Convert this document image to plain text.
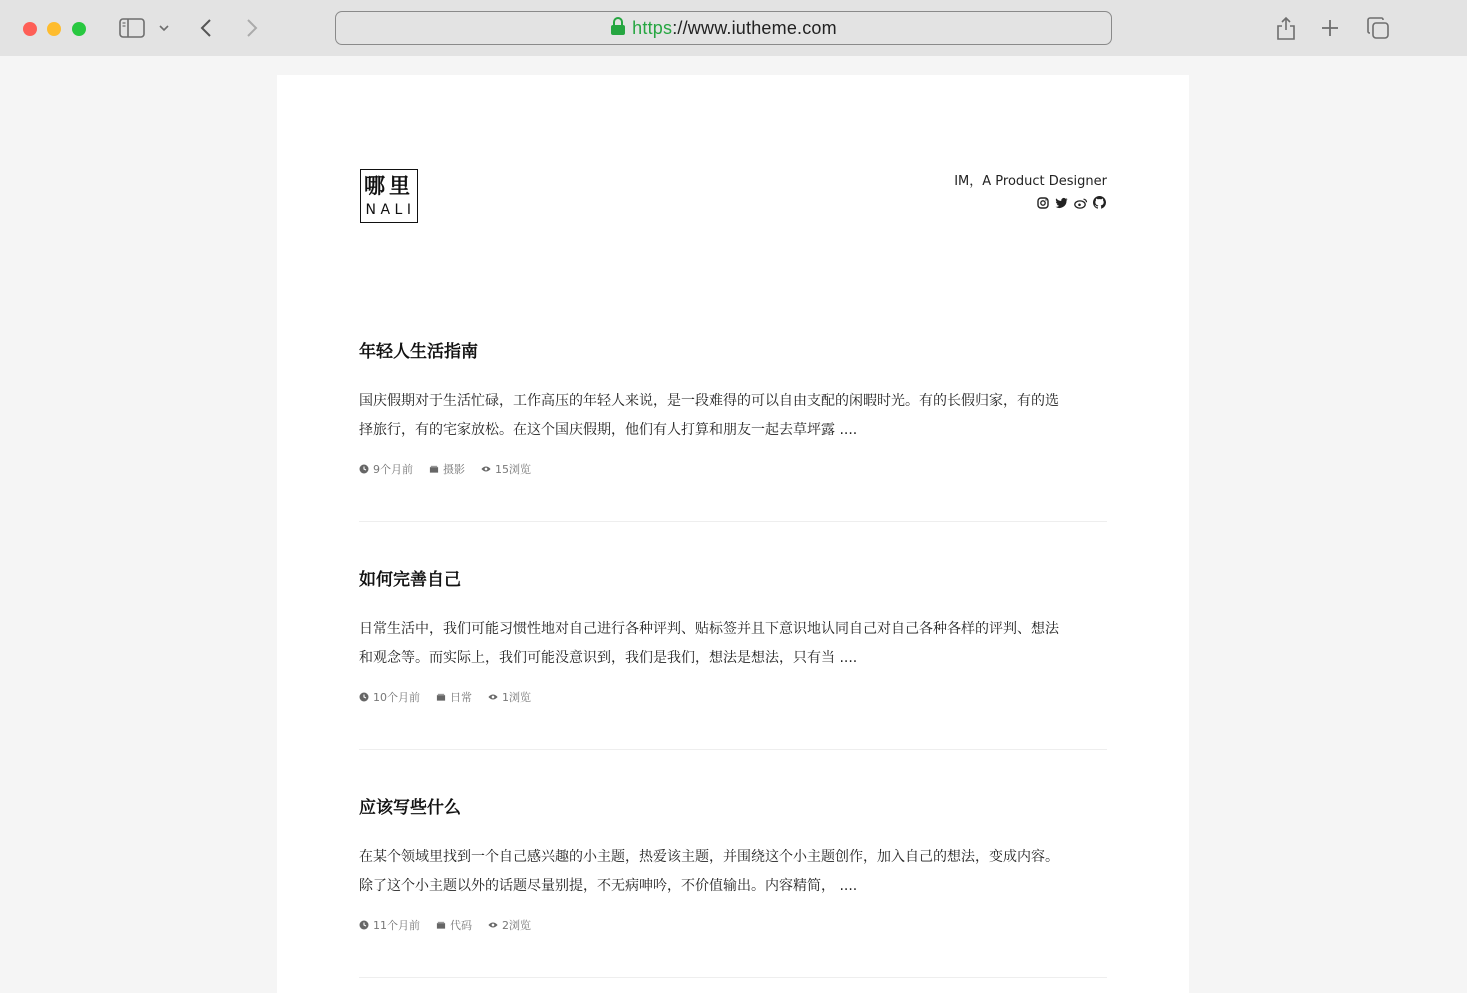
https://www.iutheme.com
哪里
NALI
IM，A Product Designer
年轻人生活指南
国庆假期对于生活忙碌，工作高压的年轻人来说，是一段难得的可以自由支配的闲暇时光。有的长假归家，有的选
择旅行，有的宅家放松。在这个国庆假期，他们有人打算和朋友一起去草坪露 ....
9个月前	摄影	15浏览
如何完善自己
日常生活中，我们可能习惯性地对自己进行各种评判、贴标签并且下意识地认同自己对自己各种各样的评判、想法
和观念等。而实际上，我们可能没意识到，我们是我们，想法是想法，只有当 ....
10个月前	日常	1浏览
应该写些什么
在某个领域里找到一个自己感兴趣的小主题，热爱该主题，并围绕这个小主题创作，加入自己的想法，变成内容。
除了这个小主题以外的话题尽量别提，不无病呻吟，不价值输出。内容精简， ....
11个月前	代码	2浏览
